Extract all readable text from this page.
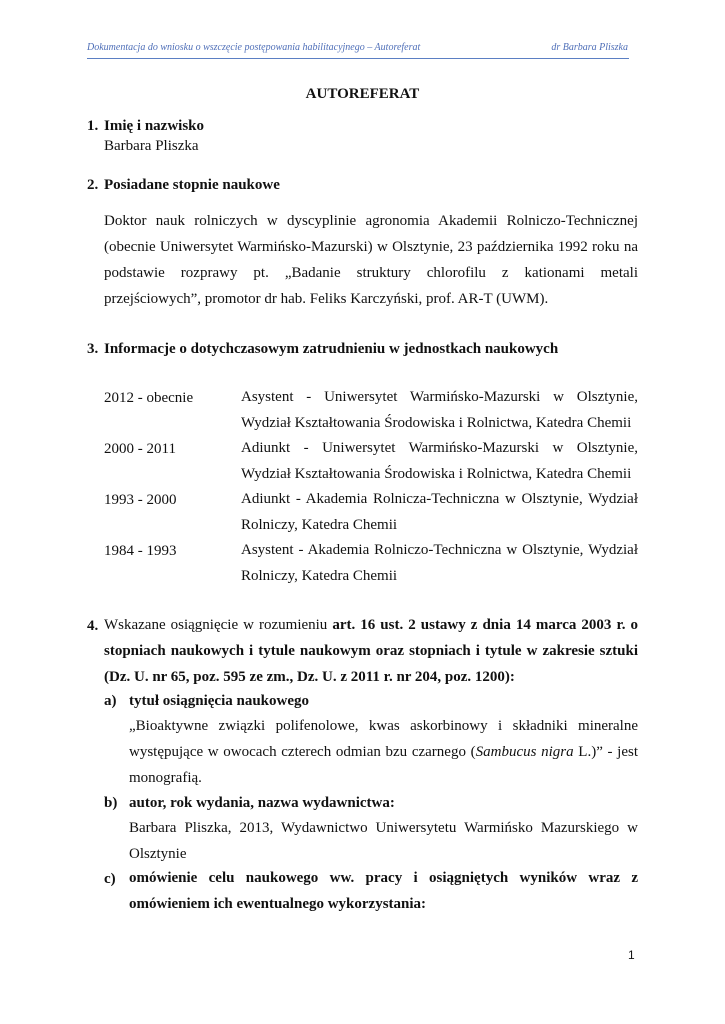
Dokumentacja do wniosku o wszczęcie postępowania habilitacyjnego – Autoreferat	dr Barbara Pliszka
AUTOREFERAT
1. Imię i nazwisko
Barbara Pliszka
2. Posiadane stopnie naukowe
Doktor nauk rolniczych w dyscyplinie agronomia Akademii Rolniczo-Technicznej (obecnie Uniwersytet Warmińsko-Mazurski) w Olsztynie, 23 października 1992 roku na podstawie rozprawy pt. „Badanie struktury chlorofilu z kationami metali przejściowych”, promotor dr hab. Feliks Karczyński, prof. AR-T (UWM).
3. Informacje o dotychczasowym zatrudnieniu w jednostkach naukowych
2012 - obecnie	Asystent - Uniwersytet Warmińsko-Mazurski w Olsztynie, Wydział Kształtowania Środowiska i Rolnictwa, Katedra Chemii
2000 - 2011	Adiunkt - Uniwersytet Warmińsko-Mazurski w Olsztynie, Wydział Kształtowania Środowiska i Rolnictwa, Katedra Chemii
1993 - 2000	Adiunkt - Akademia Rolnicza-Techniczna w Olsztynie, Wydział Rolniczy, Katedra Chemii
1984 - 1993	Asystent - Akademia Rolniczo-Techniczna w Olsztynie, Wydział Rolniczy, Katedra Chemii
4. Wskazane osiągnięcie w rozumieniu art. 16 ust. 2 ustawy z dnia 14 marca 2003 r. o stopniach naukowych i tytule naukowym oraz stopniach i tytule w zakresie sztuki (Dz. U. nr 65, poz. 595 ze zm., Dz. U. z 2011 r. nr 204, poz. 1200):
a) tytuł osiągnięcia naukowego
„Bioaktywne związki polifenolowe, kwas askorbinowy i składniki mineralne występujące w owocach czterech odmian bzu czarnego (Sambucus nigra L.)” - jest monografią.
b) autor, rok wydania, nazwa wydawnictwa:
Barbara Pliszka, 2013, Wydawnictwo Uniwersytetu Warmińsko Mazurskiego w Olsztynie
c) omówienie celu naukowego ww. pracy i osiągniętych wyników wraz z omówieniem ich ewentualnego wykorzystania:
1
